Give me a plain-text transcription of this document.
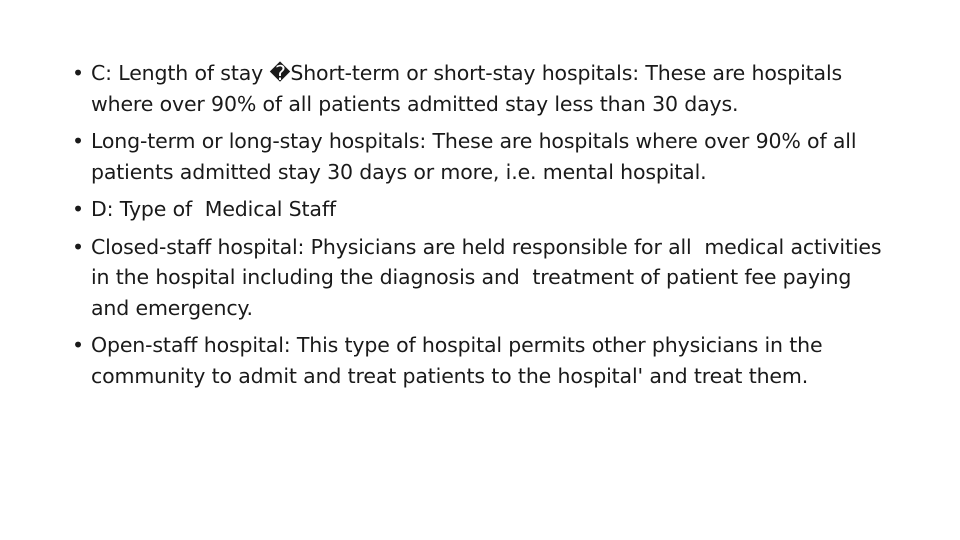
• C: Length of stay �Short-term or short-stay hospitals: These are hospitals where over 90% of all patients admitted stay less than 30 days.
• Long-term or long-stay hospitals: These are hospitals where over 90% of all patients admitted stay 30 days or more, i.e. mental hospital.
• D: Type of  Medical Staff
• Closed-staff hospital: Physicians are held responsible for all  medical activities in the hospital including the diagnosis and  treatment of patient fee paying and emergency.
• Open-staff hospital: This type of hospital permits other physicians in the community to admit and treat patients to the hospital' and treat them.
